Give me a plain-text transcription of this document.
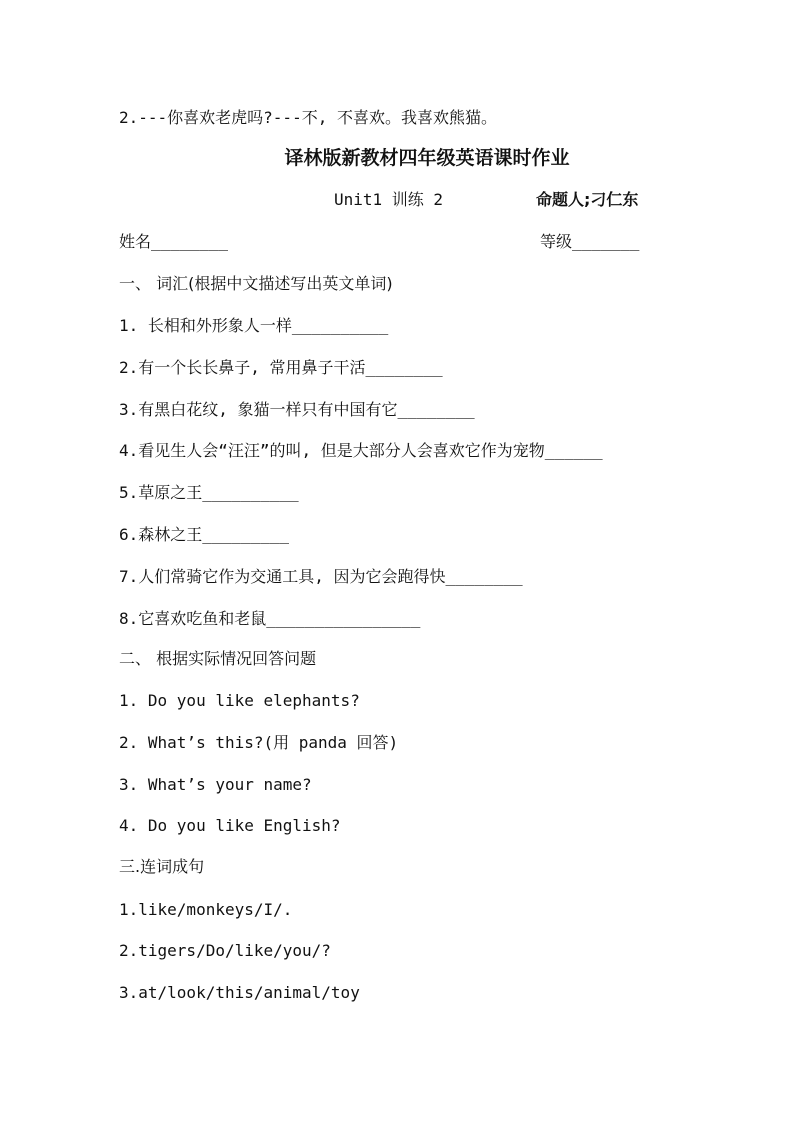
2.---你喜欢老虎吗?---不, 不喜欢。我喜欢熊猫。
译林版新教材四年级英语课时作业
Unit1 训练 2	命题人;刁仁东
姓名________	等级_______
一、 词汇(根据中文描述写出英文单词)
1. 长相和外形象人一样__________
2.有一个长长鼻子, 常用鼻子干活________
3.有黑白花纹, 象猫一样只有中国有它________
4.看见生人会“汪汪”的叫, 但是大部分人会喜欢它作为宠物______
5.草原之王__________
6.森林之王_________
7.人们常骑它作为交通工具, 因为它会跑得快________
8.它喜欢吃鱼和老鼠________________
二、 根据实际情况回答问题
1. Do you like elephants?
2. What’s this?(用 panda 回答)
3. What’s your name?
4. Do you like English?
三.连词成句
1.like/monkeys/I/.
2.tigers/Do/like/you/?
3.at/look/this/animal/toy
